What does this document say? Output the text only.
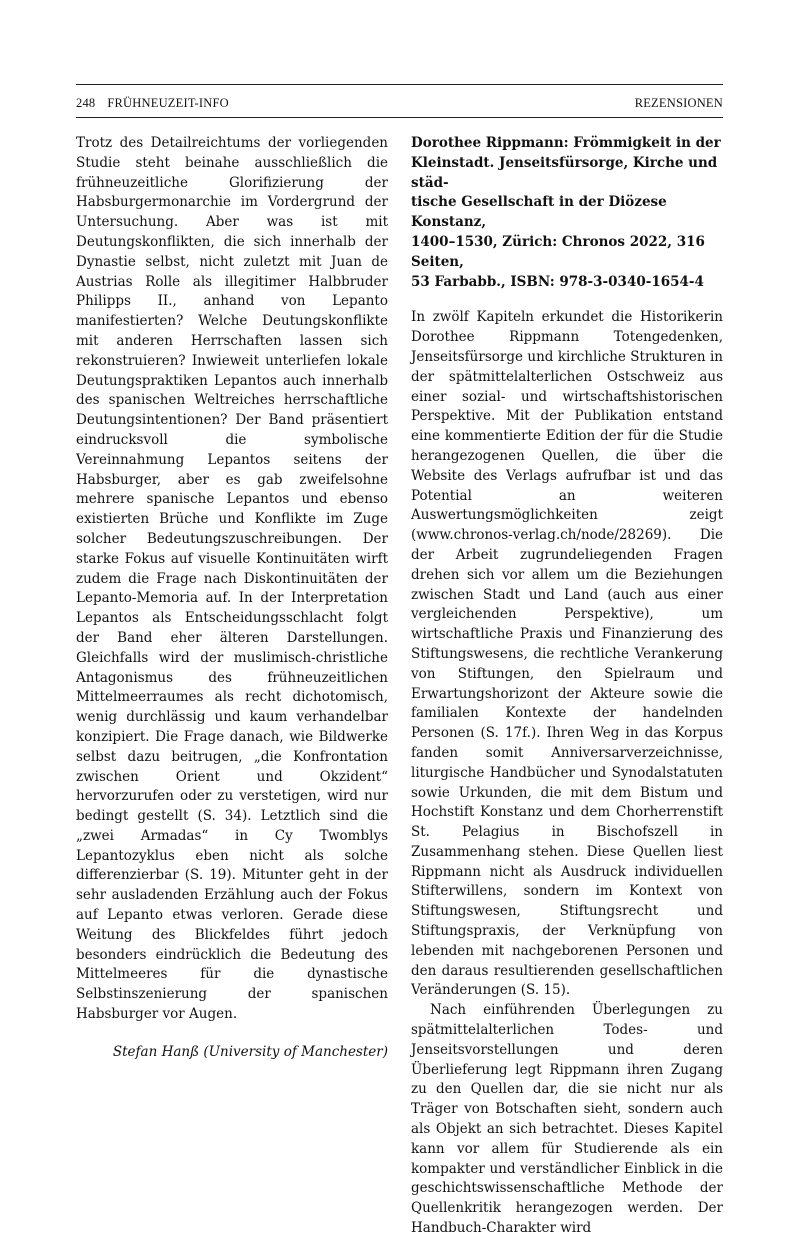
248 FRÜHNEUZEIT-INFO	REZENSIONEN

Trotz des Detailreichtums der vorliegenden Studie steht beinahe ausschließlich die frühneuzeitliche Glorifizierung der Habsburgermonarchie im Vordergrund der Untersuchung. Aber was ist mit Deutungskonflikten, die sich innerhalb der Dynastie selbst, nicht zuletzt mit Juan de Austrias Rolle als illegitimer Halbbruder Philipps II., anhand von Lepanto manifestierten? Welche Deutungskonflikte mit anderen Herrschaften lassen sich rekonstruieren? Inwieweit unterliefen lokale Deutungspraktiken Lepantos auch innerhalb des spanischen Weltreiches herrschaftliche Deutungsintentionen? Der Band präsentiert eindrucksvoll die symbolische Vereinnahmung Lepantos seitens der Habsburger, aber es gab zweifelsohne mehrere spanische Lepantos und ebenso existierten Brüche und Konflikte im Zuge solcher Bedeutungszuschreibungen. Der starke Fokus auf visuelle Kontinuitäten wirft zudem die Frage nach Diskontinuitäten der Lepanto-Memoria auf. In der Interpretation Lepantos als Entscheidungsschlacht folgt der Band eher älteren Darstellungen. Gleichfalls wird der muslimisch-christliche Antagonismus des frühneuzeitlichen Mittelmeerraumes als recht dichotomisch, wenig durchlässig und kaum verhandelbar konzipiert. Die Frage danach, wie Bildwerke selbst dazu beitrugen, „die Konfrontation zwischen Orient und Okzident“ hervorzurufen oder zu verstetigen, wird nur bedingt gestellt (S. 34). Letztlich sind die „zwei Armadas“ in Cy Twomblys Lepantozyklus eben nicht als solche differenzierbar (S. 19). Mitunter geht in der sehr ausladenden Erzählung auch der Fokus auf Lepanto etwas verloren. Gerade diese Weitung des Blickfeldes führt jedoch besonders eindrücklich die Bedeutung des Mittelmeeres für die dynastische Selbstinszenierung der spanischen Habsburger vor Augen.

Stefan Hanß (University of Manchester)

Dorothee Rippmann: Frömmigkeit in der
Kleinstadt. Jenseitsfürsorge, Kirche und städ-
tische Gesellschaft in der Diözese Konstanz,
1400–1530, Zürich: Chronos 2022, 316 Seiten,
53 Farbabb., ISBN: 978-3-0340-1654-4

In zwölf Kapiteln erkundet die Historikerin Dorothee Rippmann Totengedenken, Jenseitsfürsorge und kirchliche Strukturen in der spätmittelalterlichen Ostschweiz aus einer sozial- und wirtschaftshistorischen Perspektive. Mit der Publikation entstand eine kommentierte Edition der für die Studie herangezogenen Quellen, die über die Website des Verlags aufrufbar ist und das Potential an weiteren Auswertungsmöglichkeiten zeigt (www.chronos-verlag.ch/node/28269). Die der Arbeit zugrundeliegenden Fragen drehen sich vor allem um die Beziehungen zwischen Stadt und Land (auch aus einer vergleichenden Perspektive), um wirtschaftliche Praxis und Finanzierung des Stiftungswesens, die rechtliche Verankerung von Stiftungen, den Spielraum und Erwartungshorizont der Akteure sowie die familialen Kontexte der handelnden Personen (S. 17f.). Ihren Weg in das Korpus fanden somit Anniversarverzeichnisse, liturgische Handbücher und Synodalstatuten sowie Urkunden, die mit dem Bistum und Hochstift Konstanz und dem Chorherrenstift St. Pelagius in Bischofszell in Zusammenhang stehen. Diese Quellen liest Rippmann nicht als Ausdruck individuellen Stifterwillens, sondern im Kontext von Stiftungswesen, Stiftungsrecht und Stiftungspraxis, der Verknüpfung von lebenden mit nachgeborenen Personen und den daraus resultierenden gesellschaftlichen Veränderungen (S. 15).

Nach einführenden Überlegungen zu spätmittelalterlichen Todes- und Jenseitsvorstellungen und deren Überlieferung legt Rippmann ihren Zugang zu den Quellen dar, die sie nicht nur als Träger von Botschaften sieht, sondern auch als Objekt an sich betrachtet. Dieses Kapitel kann vor allem für Studierende als ein kompakter und verständlicher Einblick in die geschichtswissenschaftliche Methode der Quellenkritik herangezogen werden. Der Handbuch-Charakter wird
